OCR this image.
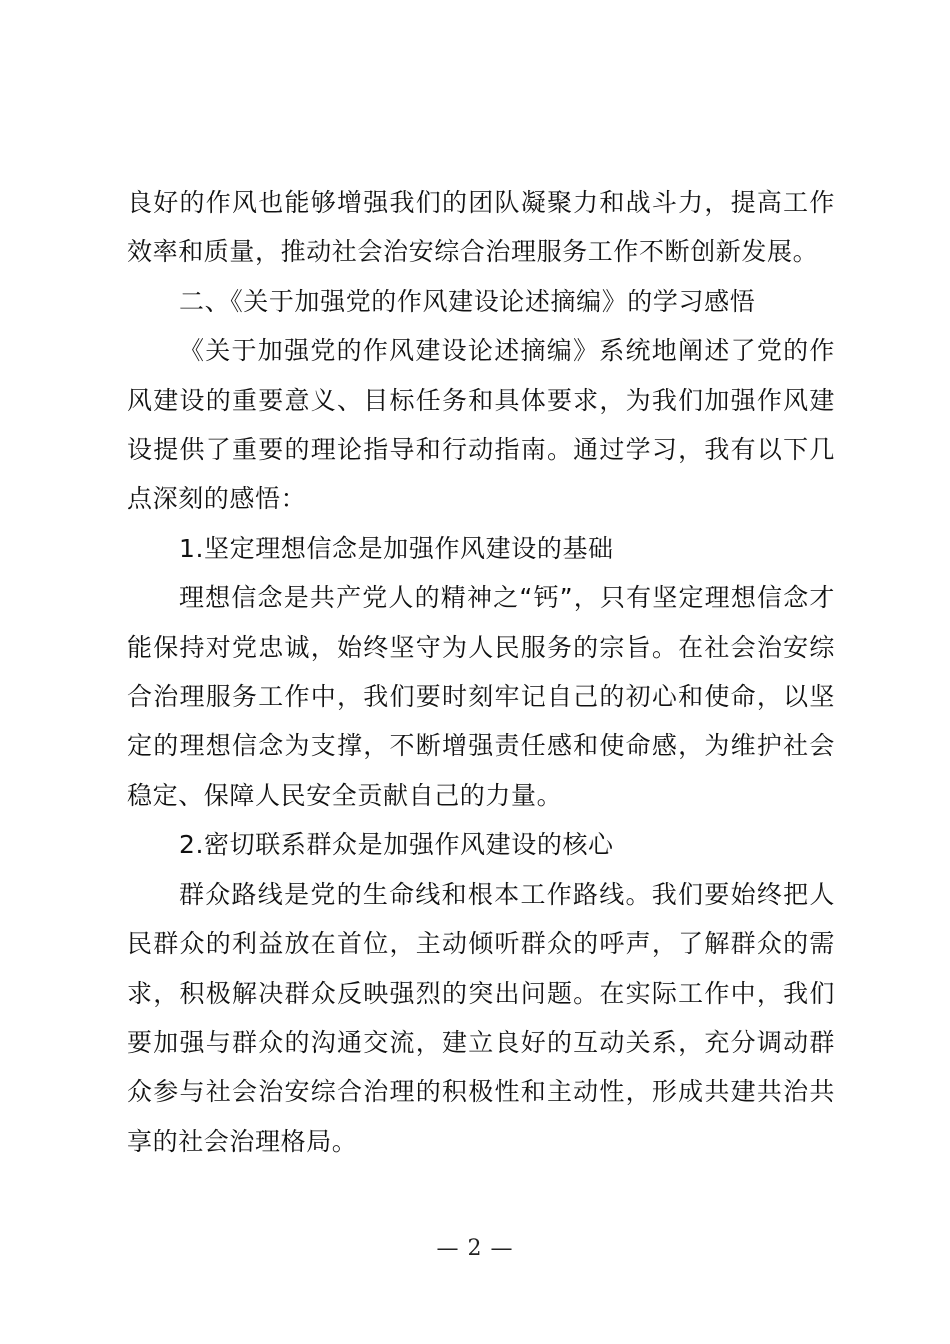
良好的作风也能够增强我们的团队凝聚力和战斗力，提高工作效率和质量，推动社会治安综合治理服务工作不断创新发展。

二、《关于加强党的作风建设论述摘编》的学习感悟

《关于加强党的作风建设论述摘编》系统地阐述了党的作风建设的重要意义、目标任务和具体要求，为我们加强作风建设提供了重要的理论指导和行动指南。通过学习，我有以下几点深刻的感悟：

1.坚定理想信念是加强作风建设的基础

理想信念是共产党人的精神之“钙”，只有坚定理想信念才能保持对党忠诚，始终坚守为人民服务的宗旨。在社会治安综合治理服务工作中，我们要时刻牢记自己的初心和使命，以坚定的理想信念为支撑，不断增强责任感和使命感，为维护社会稳定、保障人民安全贡献自己的力量。

2.密切联系群众是加强作风建设的核心

群众路线是党的生命线和根本工作路线。我们要始终把人民群众的利益放在首位，主动倾听群众的呼声，了解群众的需求，积极解决群众反映强烈的突出问题。在实际工作中，我们要加强与群众的沟通交流，建立良好的互动关系，充分调动群众参与社会治安综合治理的积极性和主动性，形成共建共治共享的社会治理格局。

— 2 —
